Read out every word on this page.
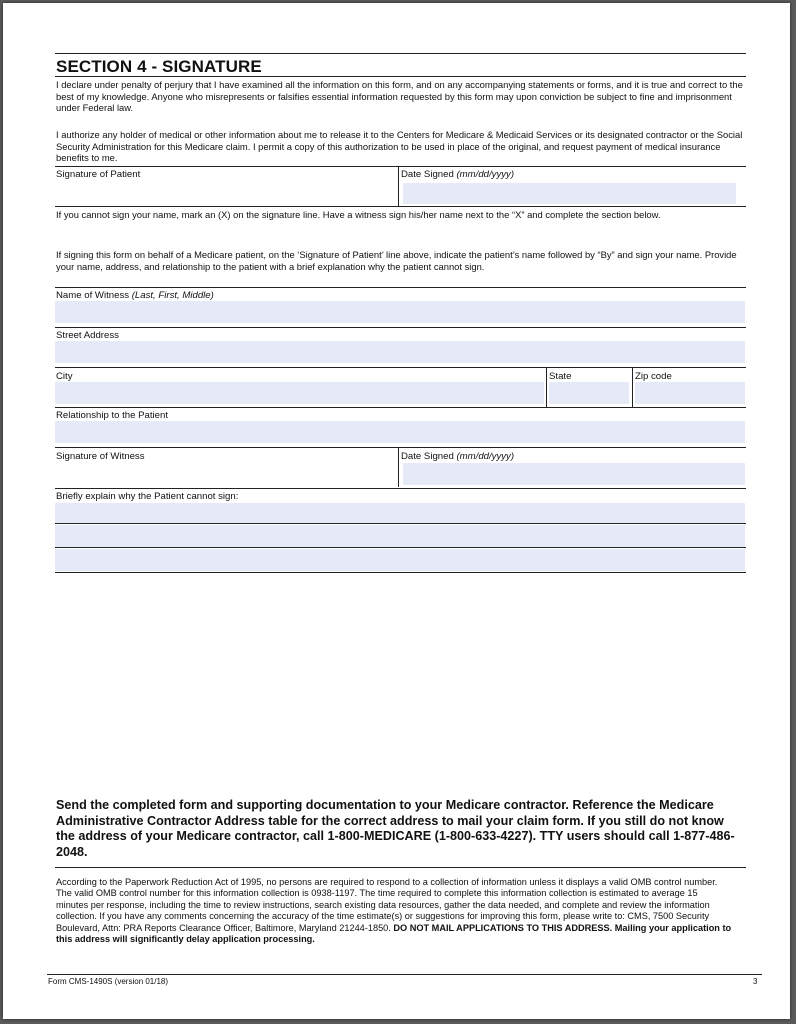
SECTION 4 - SIGNATURE
I declare under penalty of perjury that I have examined all the information on this form, and on any accompanying statements or forms, and it is true and correct to the best of my knowledge. Anyone who misrepresents or falsifies essential information requested by this form may upon conviction be subject to fine and imprisonment under Federal law.
I authorize any holder of medical or other information about me to release it to the Centers for Medicare & Medicaid Services or its designated contractor or the Social Security Administration for this Medicare claim. I permit a copy of this authorization to be used in place of the original, and request payment of medical insurance benefits to me.
Signature of Patient	Date Signed (mm/dd/yyyy)
If you cannot sign your name, mark an (X) on the signature line. Have a witness sign his/her name next to the “X” and complete the section below.
If signing this form on behalf of a Medicare patient, on the ‘Signature of Patient’ line above, indicate the patient’s name followed by “By” and sign your name. Provide your name, address, and relationship to the patient with a brief explanation why the patient cannot sign.
Name of Witness (Last, First, Middle)
Street Address
City	State	Zip code
Relationship to the Patient
Signature of Witness	Date Signed (mm/dd/yyyy)
Briefly explain why the Patient cannot sign:
Send the completed form and supporting documentation to your Medicare contractor. Reference the Medicare Administrative Contractor Address table for the correct address to mail your claim form. If you still do not know the address of your Medicare contractor, call 1-800-MEDICARE (1-800-633-4227). TTY users should call 1-877-486-2048.
According to the Paperwork Reduction Act of 1995, no persons are required to respond to a collection of information unless it displays a valid OMB control number. The valid OMB control number for this information collection is 0938-1197. The time required to complete this information collection is estimated to average 15 minutes per response, including the time to review instructions, search existing data resources, gather the data needed, and complete and review the information collection. If you have any comments concerning the accuracy of the time estimate(s) or suggestions for improving this form, please write to: CMS, 7500 Security Boulevard, Attn: PRA Reports Clearance Officer, Baltimore, Maryland 21244-1850. DO NOT MAIL APPLICATIONS TO THIS ADDRESS. Mailing your application to this address will significantly delay application processing.
Form CMS-1490S (version 01/18)	3
